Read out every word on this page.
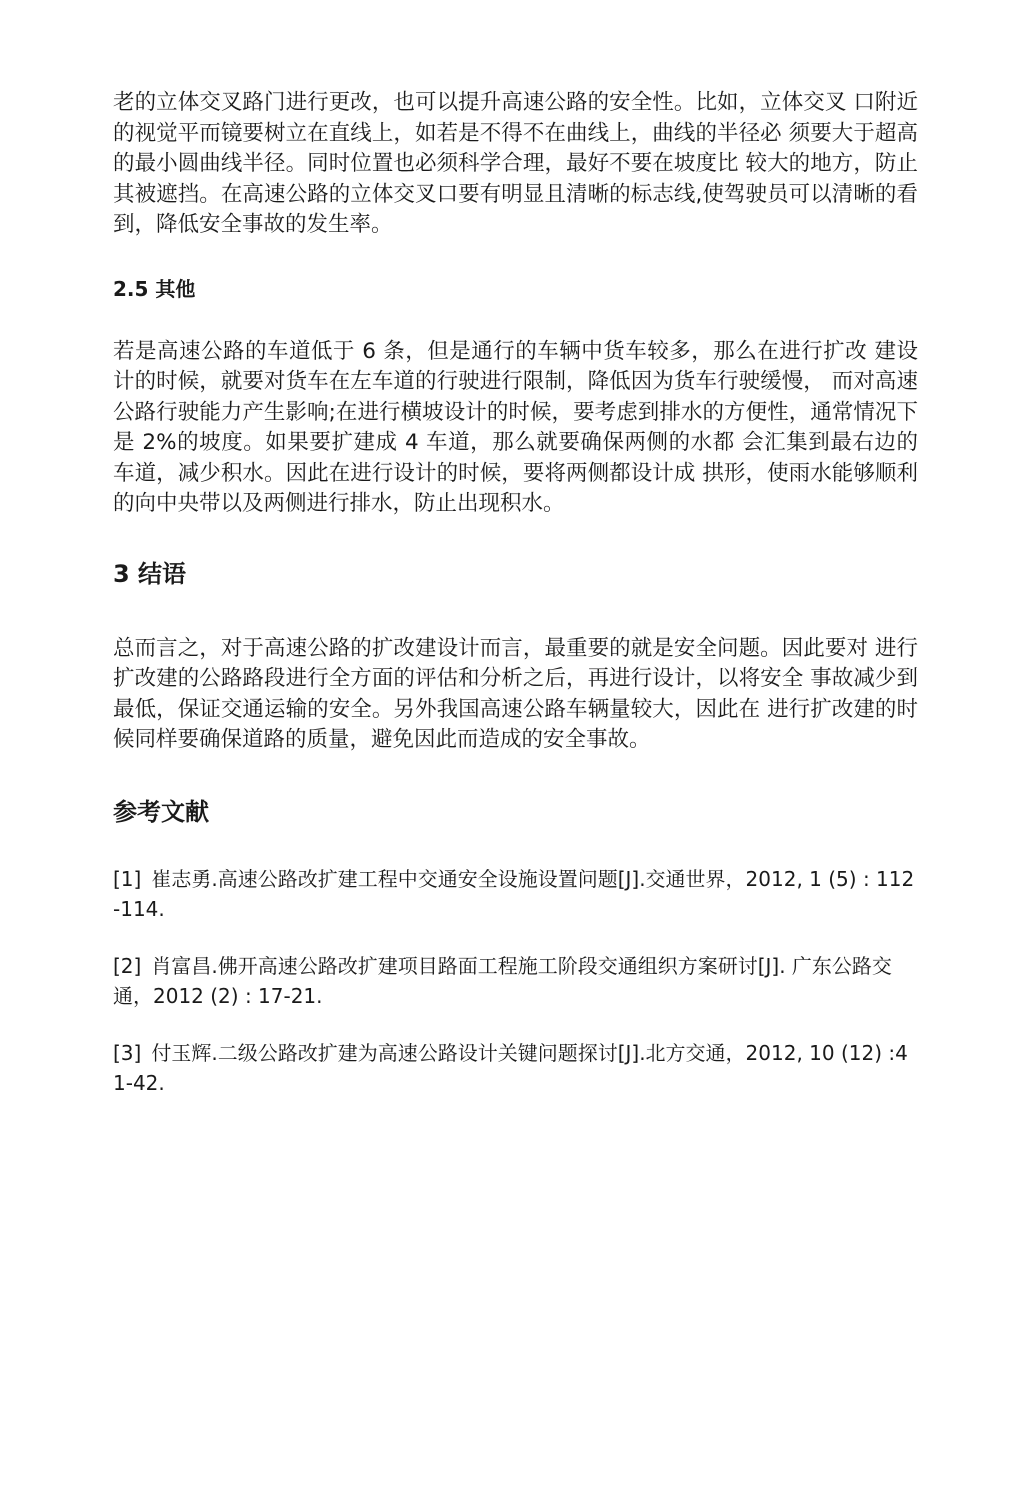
老的立体交叉路门进行更改，也可以提升高速公路的安全性。比如，立体交叉 口附近的视觉平而镜要树立在直线上，如若是不得不在曲线上，曲线的半径必 须要大于超高的最小圆曲线半径。同时位置也必须科学合理，最好不要在坡度比 较大的地方，防止其被遮挡。在高速公路的立体交叉口要有明显且清晰的标志线,使驾驶员可以清晰的看到，降低安全事故的发生率。

2.5 其他

若是高速公路的车道低于 6 条，但是通行的车辆中货车较多，那么在进行扩改 建设计的时候，就要对货车在左车道的行驶进行限制，降低因为货车行驶缓慢， 而对高速公路行驶能力产生影响;在进行横坡设计的时候，要考虑到排水的方便性，通常情况下是 2%的坡度。如果要扩建成 4 车道，那么就要确保两侧的水都 会汇集到最右边的车道，减少积水。因此在进行设计的时候，要将两侧都设计成 拱形，使雨水能够顺利的向中央带以及两侧进行排水，防止出现积水。

3 结语

总而言之，对于高速公路的扩改建设计而言，最重要的就是安全问题。因此要对 进行扩改建的公路路段进行全方面的评估和分析之后，再进行设计，以将安全 事故减少到最低，保证交通运输的安全。另外我国高速公路车辆量较大，因此在 进行扩改建的时候同样要确保道路的质量，避免因此而造成的安全事故。

参考文献

[1] 崔志勇.高速公路改扩建工程中交通安全设施设置问题[J].交通世界，2012, 1 (5) : 112-114.

[2] 肖富昌.佛开高速公路改扩建项目路面工程施工阶段交通组织方案研讨[J]. 广东公路交通，2012 (2) : 17-21.

[3] 付玉辉.二级公路改扩建为高速公路设计关键问题探讨[J].北方交通，2012, 10 (12) :41-42.
